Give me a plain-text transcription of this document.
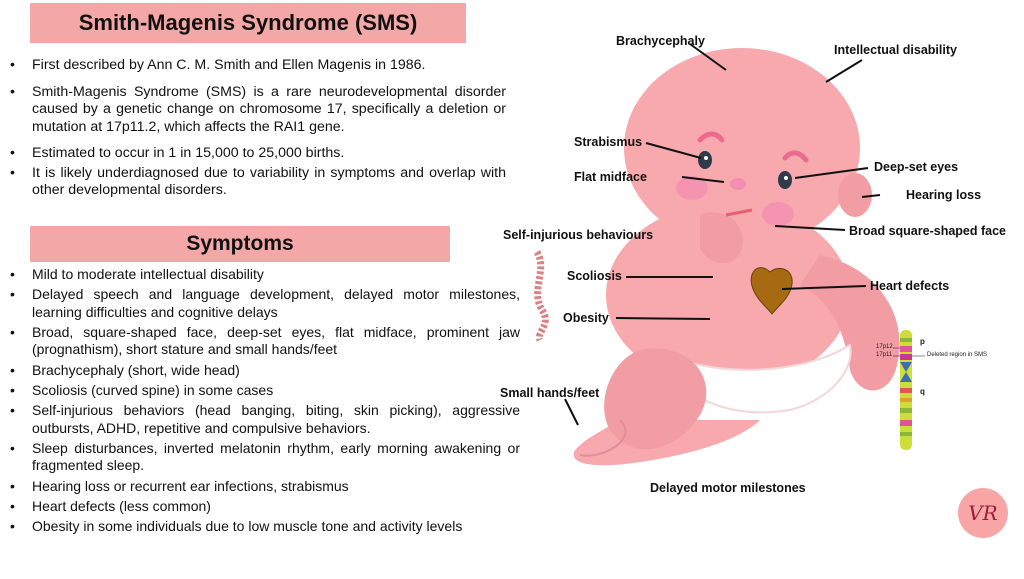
Smith-Magenis Syndrome (SMS)
• First described by Ann C. M. Smith and Ellen Magenis in 1986.
• Smith-Magenis Syndrome (SMS) is a rare neurodevelopmental disorder caused by a genetic change on chromosome 17, specifically a deletion or mutation at 17p11.2, which affects the RAI1 gene.
• Estimated to occur in 1 in 15,000 to 25,000 births.
• It is likely underdiagnosed due to variability in symptoms and overlap with other developmental disorders.
Symptoms
• Mild to moderate intellectual disability
• Delayed speech and language development, delayed motor milestones, learning difficulties and cognitive delays
• Broad, square-shaped face, deep-set eyes, flat midface, prominent jaw (prognathism), short stature and small hands/feet
• Brachycephaly (short, wide head)
• Scoliosis (curved spine) in some cases
• Self-injurious behaviors (head banging, biting, skin picking), aggressive outbursts, ADHD, repetitive and compulsive behaviors.
• Sleep disturbances, inverted melatonin rhythm, early morning awakening or fragmented sleep.
• Hearing loss or recurrent ear infections, strabismus
• Heart defects (less common)
• Obesity in some individuals due to low muscle tone and activity levels
Brachycephaly
Intellectual disability
Strabismus
Flat midface
Deep-set eyes
Hearing loss
Broad square-shaped face
Self-injurious behaviours
Scoliosis
Heart defects
Obesity
Small hands/feet
Delayed motor milestones
p
q
17p12
17p11	Deleted region in SMS
VR
